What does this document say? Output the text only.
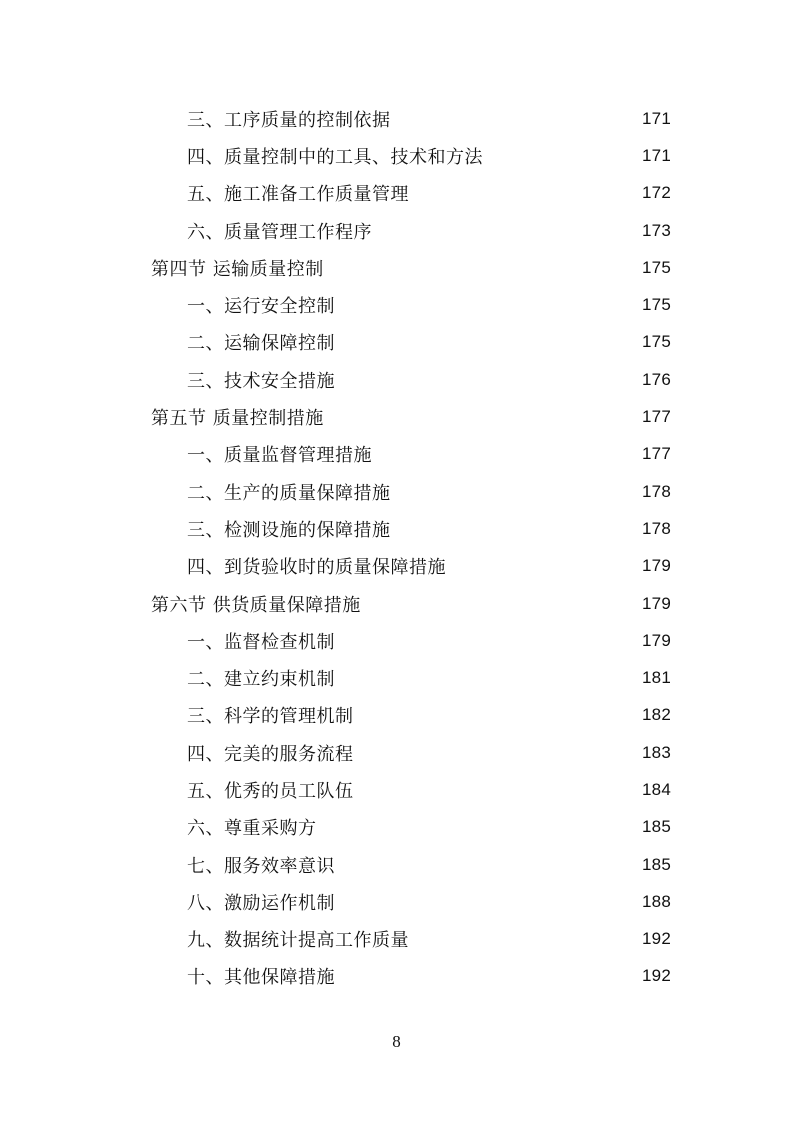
三、工序质量的控制依据	171
四、质量控制中的工具、技术和方法	171
五、施工准备工作质量管理	172
六、质量管理工作程序	173
第四节 运输质量控制	175
一、运行安全控制	175
二、运输保障控制	175
三、技术安全措施	176
第五节 质量控制措施	177
一、质量监督管理措施	177
二、生产的质量保障措施	178
三、检测设施的保障措施	178
四、到货验收时的质量保障措施	179
第六节 供货质量保障措施	179
一、监督检查机制	179
二、建立约束机制	181
三、科学的管理机制	182
四、完美的服务流程	183
五、优秀的员工队伍	184
六、尊重采购方	185
七、服务效率意识	185
八、激励运作机制	188
九、数据统计提高工作质量	192
十、其他保障措施	192
8
